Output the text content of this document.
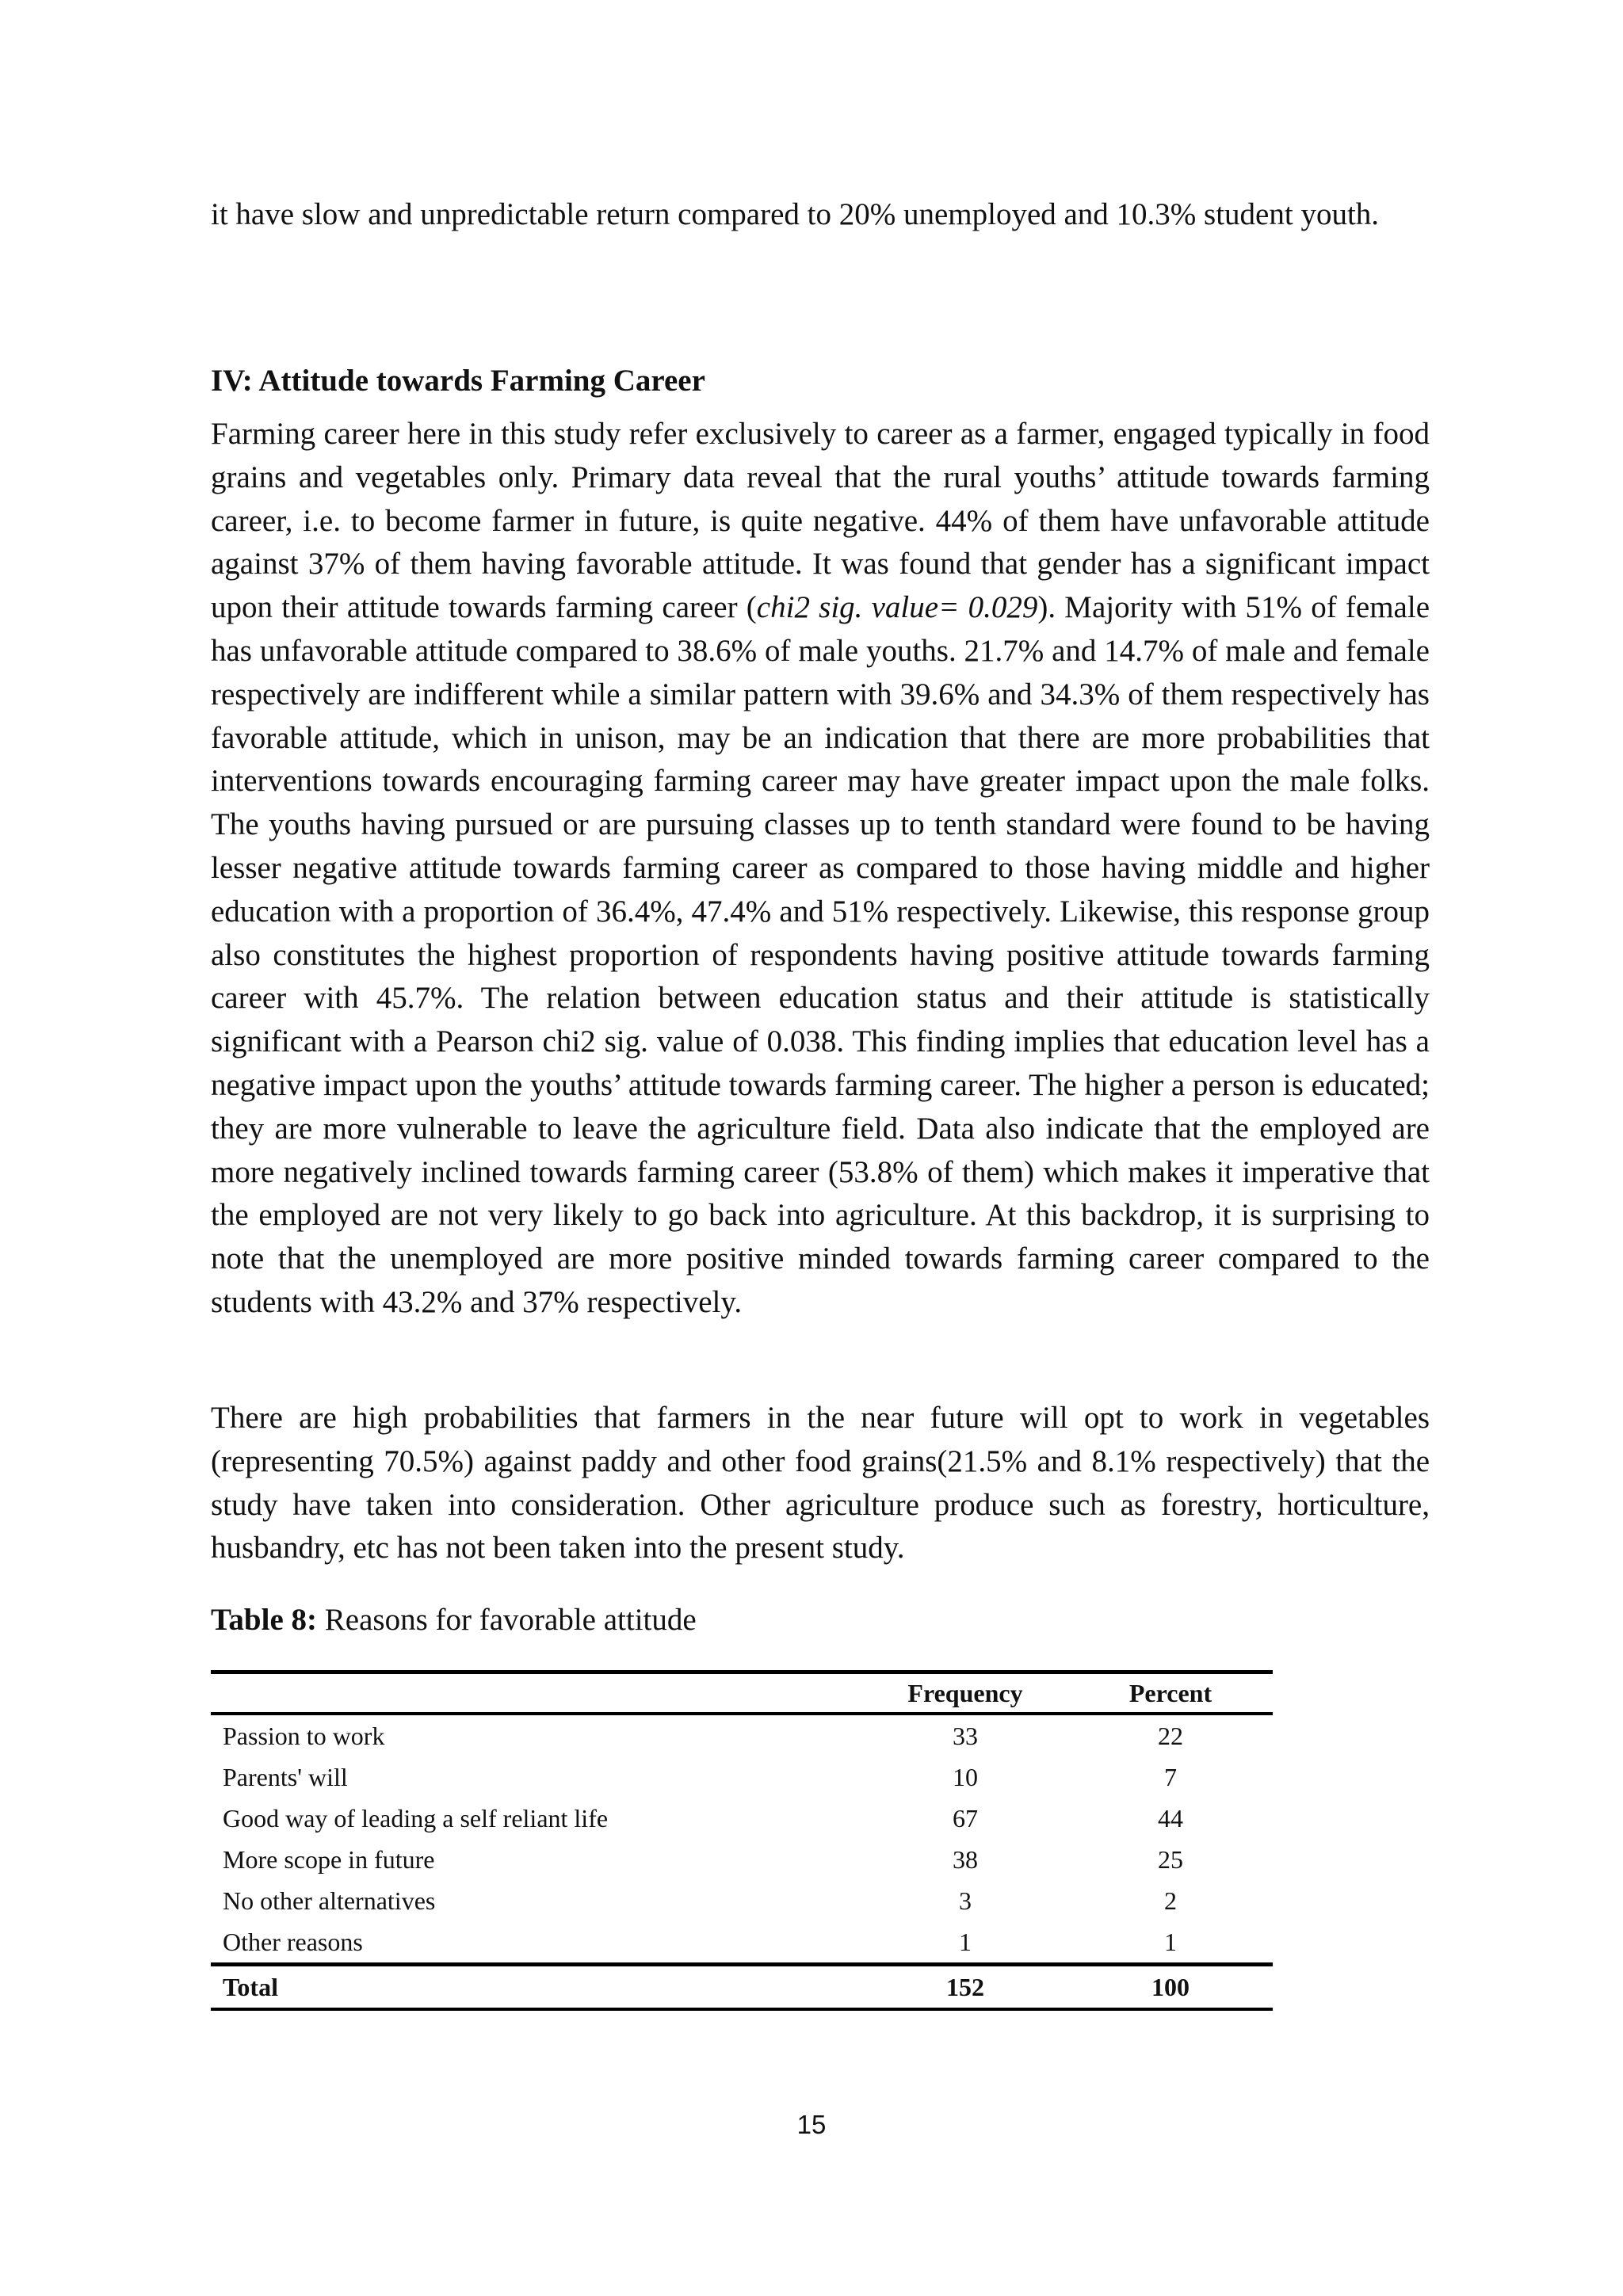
it have slow and unpredictable return compared to 20% unemployed and 10.3% student youth.

IV: Attitude towards Farming Career

Farming career here in this study refer exclusively to career as a farmer, engaged typically in food grains and vegetables only. Primary data reveal that the rural youths’ attitude towards farming career, i.e. to become farmer in future, is quite negative. 44% of them have unfavorable attitude against 37% of them having favorable attitude. It was found that gender has a significant impact upon their attitude towards farming career (chi2 sig. value= 0.029). Majority with 51% of female has unfavorable attitude compared to 38.6% of male youths. 21.7% and 14.7% of male and female respectively are indifferent while a similar pattern with 39.6% and 34.3% of them respectively has favorable attitude, which in unison, may be an indication that there are more probabilities that interventions towards encouraging farming career may have greater impact upon the male folks. The youths having pursued or are pursuing classes up to tenth standard were found to be having lesser negative attitude towards farming career as compared to those having middle and higher education with a proportion of 36.4%, 47.4% and 51% respectively. Likewise, this response group also constitutes the highest proportion of respondents having positive attitude towards farming career with 45.7%. The relation between education status and their attitude is statistically significant with a Pearson chi2 sig. value of 0.038. This finding implies that education level has a negative impact upon the youths’ attitude towards farming career. The higher a person is educated; they are more vulnerable to leave the agriculture field. Data also indicate that the employed are more negatively inclined towards farming career (53.8% of them) which makes it imperative that the employed are not very likely to go back into agriculture. At this backdrop, it is surprising to note that the unemployed are more positive minded towards farming career compared to the students with 43.2% and 37% respectively.

There are high probabilities that farmers in the near future will opt to work in vegetables (representing 70.5%) against paddy and other food grains(21.5% and 8.1% respectively) that the study have taken into consideration. Other agriculture produce such as forestry, horticulture, husbandry, etc has not been taken into the present study.

Table 8: Reasons for favorable attitude

	Frequency	Percent
Passion to work	33	22
Parents' will	10	7
Good way of leading a self reliant life	67	44
More scope in future	38	25
No other alternatives	3	2
Other reasons	1	1
Total	152	100
15
